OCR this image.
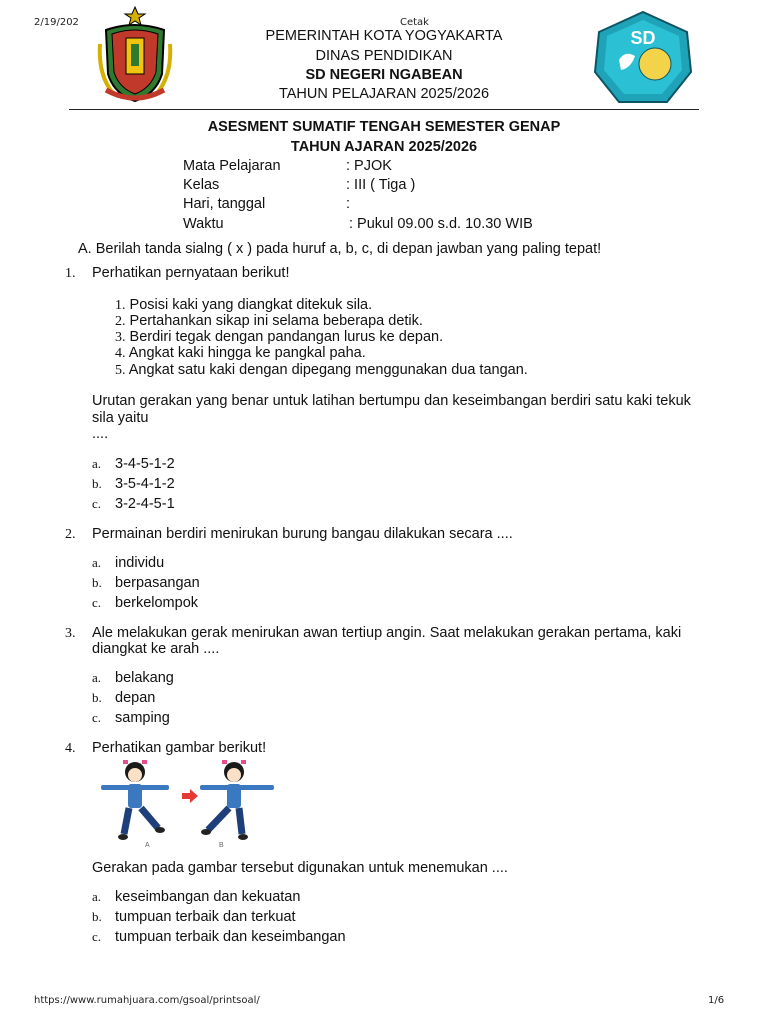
2/19/202	Cetak
SD
PEMERINTAH KOTA YOGYAKARTA
DINAS PENDIDIKAN
SD NEGERI NGABEAN
TAHUN PELAJARAN 2025/2026
ASESMENT SUMATIF TENGAH SEMESTER GENAP
TAHUN AJARAN 2025/2026
Mata Pelajaran	: PJOK
Kelas	: III ( Tiga )
Hari, tanggal	:
Waktu	: Pukul 09.00 s.d. 10.30 WIB
A. Berilah tanda sialng ( x ) pada huruf a, b, c, di depan jawban yang paling tepat!
1. Perhatikan pernyataan berikut!
1. Posisi kaki yang diangkat ditekuk sila.
2. Pertahankan sikap ini selama beberapa detik.
3. Berdiri tegak dengan pandangan lurus ke depan.
4. Angkat kaki hingga ke pangkal paha.
5. Angkat satu kaki dengan dipegang menggunakan dua tangan.
Urutan gerakan yang benar untuk latihan bertumpu dan keseimbangan berdiri satu kaki tekuk
sila yaitu
....
a. 3-4-5-1-2
b. 3-5-4-1-2
c. 3-2-4-5-1
2. Permainan berdiri menirukan burung bangau dilakukan secara ....
a. individu
b. berpasangan
c. berkelompok
3. Ale melakukan gerak menirukan awan tertiup angin. Saat melakukan gerakan pertama, kaki
diangkat ke arah ....
a. belakang
b. depan
c. samping
4. Perhatikan gambar berikut!
A	B
Gerakan pada gambar tersebut digunakan untuk menemukan ....
a. keseimbangan dan kekuatan
b. tumpuan terbaik dan terkuat
c. tumpuan terbaik dan keseimbangan
https://www.rumahjuara.com/gsoal/printsoal/	1/6
